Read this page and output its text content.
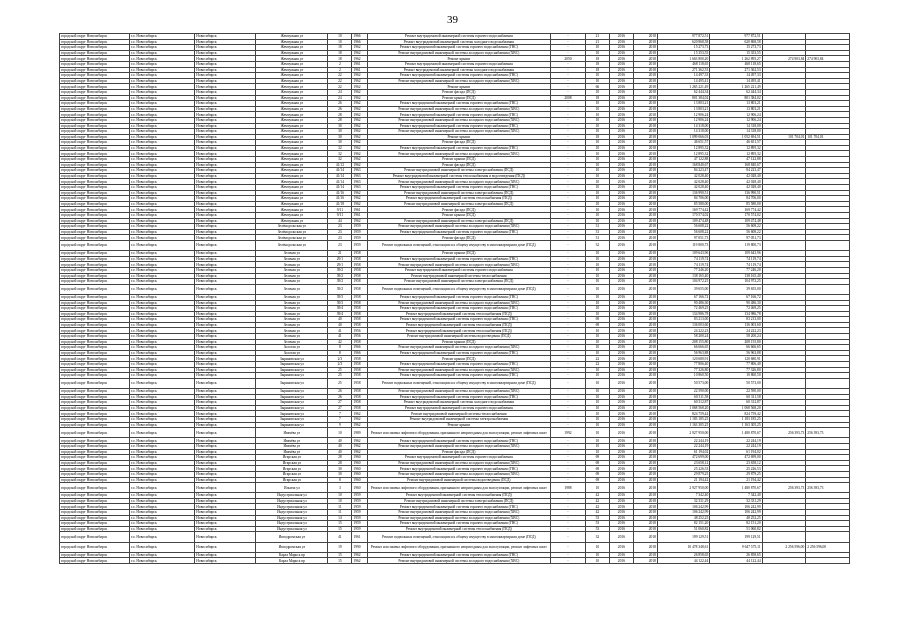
39
городской округ Новосибирск	г.о. Новосибирск	Новосибирск	Жемчужная ул	10	1966	Ремонт внутридомовой инженерной системы горячего водоснабжения	-	21	2016	2018	977 872,51	977 872,51		
городской округ Новосибирск	г.о. Новосибирск	Новосибирск	Жемчужная ул	10	1966	Ремонт внутридомовой инженерной системы холодного водоснабжения	-	21	2016	2018	620 868,58	620 868,58		
городской округ Новосибирск	г.о. Новосибирск	Новосибирск	Жемчужная ул	18	1962	Ремонт внутридомовой инженерной системы горячего водоснабжения (ГВС)	-	10	2016	2018	15 273,73	15 273,73		
городской округ Новосибирск	г.о. Новосибирск	Новосибирск	Жемчужная ул	18	1962	Ремонт внутридомовой инженерной системы холодного водоснабжения (ХВС)	-	10	2016	2018	15 353,55	15 353,55		
городской округ Новосибирск	г.о. Новосибирск	Новосибирск	Жемчужная ул	18	1962	Ремонт крыши	2050	18	2016	2018	1 663 800,20	1 262 895,27	274 903,84	274 903,84
городской округ Новосибирск	г.о. Новосибирск	Новосибирск	Жемчужная ул	2	1961	Ремонт внутридомовой инженерной системы горячего водоснабжения	-	18	2016	2018	468 118,65	468 118,65		
городской округ Новосибирск	г.о. Новосибирск	Новосибирск	Жемчужная ул	2	1961	Ремонт внутридомовой инженерной системы холодного водоснабжения	-	18	2016	2018	271 362,53	271 362,53		
городской округ Новосибирск	г.о. Новосибирск	Новосибирск	Жемчужная ул	22	1962	Ремонт внутридомовой инженерной системы горячего водоснабжения (ГВС)	-	10	2016	2018	14 497,33	14 497,33		
городской округ Новосибирск	г.о. Новосибирск	Новосибирск	Жемчужная ул	22	1962	Ремонт внутридомовой инженерной системы холодного водоснабжения (ХВС)	-	10	2016	2018	14 495,41	14 495,41		
городской округ Новосибирск	г.о. Новосибирск	Новосибирск	Жемчужная ул	22	1962	Ремонт крыши	-	66	2016	2018	1 265 221,49	1 265 221,49		
городской округ Новосибирск	г.о. Новосибирск	Новосибирск	Жемчужная ул	24	1962	Ремонт фасада (ПСД)	-	10	2016	2018	62 444,34	62 444,34		
городской округ Новосибирск	г.о. Новосибирск	Новосибирск	Жемчужная ул	24	1962	Ремонт крыши (ПСД)	2008	18	2016	2018	801 384,02	801 384,02		
городской округ Новосибирск	г.о. Новосибирск	Новосибирск	Жемчужная ул	26	1962	Ремонт внутридомовой инженерной системы горячего водоснабжения (ГВС)	-	10	2016	2018	13 803,21	13 803,21		
городской округ Новосибирск	г.о. Новосибирск	Новосибирск	Жемчужная ул	26	1962	Ремонт внутридомовой инженерной системы холодного водоснабжения (ХВС)	-	10	2016	2018	13 803,21	13 803,21		
городской округ Новосибирск	г.о. Новосибирск	Новосибирск	Жемчужная ул	28	1962	Ремонт внутридомовой инженерной системы горячего водоснабжения (ГВС)	-	10	2016	2018	12 906,24	12 906,24		
городской округ Новосибирск	г.о. Новосибирск	Новосибирск	Жемчужная ул	28	1962	Ремонт внутридомовой инженерной системы холодного водоснабжения (ХВС)	-	10	2016	2018	12 906,24	12 906,24		
городской округ Новосибирск	г.о. Новосибирск	Новосибирск	Жемчужная ул	30	1962	Ремонт внутридомовой инженерной системы горячего водоснабжения (ГВС)	-	10	2016	2018	14 318,00	14 318,00		
городской округ Новосибирск	г.о. Новосибирск	Новосибирск	Жемчужная ул	30	1962	Ремонт внутридомовой инженерной системы холодного водоснабжения (ХВС)	-	10	2016	2018	14 318,00	14 318,00		
городской округ Новосибирск	г.о. Новосибирск	Новосибирск	Жемчужная ул	30	1962	Ремонт крыши	-	18	2016	2018	1 099 066,03	1 052 694,51	101 704,01	101 704,01
городской округ Новосибирск	г.о. Новосибирск	Новосибирск	Жемчужная ул	30	1962	Ремонт фасада (ПСД)	-	10	2016	2018	46 651,57	46 651,57		
городской округ Новосибирск	г.о. Новосибирск	Новосибирск	Жемчужная ул	32	1962	Ремонт внутридомовой инженерной системы горячего водоснабжения (ГВС)	-	10	2016	2018	12 895,32	12 895,32		
городской округ Новосибирск	г.о. Новосибирск	Новосибирск	Жемчужная ул	32	1962	Ремонт внутридомовой инженерной системы холодного водоснабжения (ХВС)	-	10	2016	2018	12 895,32	12 895,32		
городской округ Новосибирск	г.о. Новосибирск	Новосибирск	Жемчужная ул	32	1962	Ремонт крыши (ПСД)	-	10	2016	2018	47 122,88	47 122,88		
городской округ Новосибирск	г.о. Новосибирск	Новосибирск	Жемчужная ул	41/12	1962	Ремонт фасада (ПСД)	-	10	2016	2018	168 840,67	168 840,67		
городской округ Новосибирск	г.о. Новосибирск	Новосибирск	Жемчужная ул	41/14	1963	Ремонт внутридомовой инженерной системы электроснабжения (ПСД)	-	10	2016	2018	84 223,47	84 223,47		
городской округ Новосибирск	г.о. Новосибирск	Новосибирск	Жемчужная ул	41/14	1963	Ремонт внутридомовой инженерной системы теплоснабжения и водоотведения (ПСД)	-	10	2016	2018	42 028,40	42 028,40		
городской округ Новосибирск	г.о. Новосибирск	Новосибирск	Жемчужная ул	41/14	1963	Ремонт внутридомовой инженерной системы холодного водоснабжения (ХВС)	-	10	2016	2018	42 028,40	42 028,40		
городской округ Новосибирск	г.о. Новосибирск	Новосибирск	Жемчужная ул	41/14	1963	Ремонт внутридомовой инженерной системы горячего водоснабжения (ГВС)	-	10	2016	2018	42 028,40	42 028,40		
городской округ Новосибирск	г.о. Новосибирск	Новосибирск	Жемчужная ул	41/16	1962	Ремонт внутридомовой инженерной системы электроснабжения (ПСД)	-	10	2016	2018	136 990,51	136 990,51		
городской округ Новосибирск	г.о. Новосибирск	Новосибирск	Жемчужная ул	41/16	1962	Ремонт внутридомовой инженерной системы теплоснабжения (ПСД)	-	10	2016	2018	84 706,00	84 706,00		
городской округ Новосибирск	г.о. Новосибирск	Новосибирск	Жемчужная ул	41/18	1962	Ремонт внутридомовой инженерной системы электроснабжения (ПСД)	-	10	2016	2018	85 580,00	85 580,00		
городской округ Новосибирск	г.о. Новосибирск	Новосибирск	Жемчужная ул	9/11	1961	Ремонт фасада (ПСД)	-	10	2016	2018	169 774,42	169 774,42		
городской округ Новосибирск	г.о. Новосибирск	Новосибирск	Жемчужная ул	9/11	1961	Ремонт крыши (ПСД)	-	10	2016	2018	170 574,02	170 574,02		
городской округ Новосибирск	г.о. Новосибирск	Новосибирск	Жемчужная ул	44	1962	Ремонт внутридомовой инженерной системы электроснабжения (ПСД)	-	10	2016	2018	109 474,48	109 474,48		
городской округ Новосибирск	г.о. Новосибирск	Новосибирск	Зелёнодольская ул	23	1959	Ремонт внутридомовой инженерной системы холодного водоснабжения (ХВС)	-	31	2016	2018	56 608,22	56 608,22		
городской округ Новосибирск	г.о. Новосибирск	Новосибирск	Зелёнодольская ул	23	1959	Ремонт внутридомовой инженерной системы горячего водоснабжения (ГВС)	-	31	2016	2018	56 608,22	56 608,22		
городской округ Новосибирск	г.о. Новосибирск	Новосибирск	Зелёнодольская ул	23	1959	Ремонт фасада (ПСД)	-	31	2016	2018	97 051,73	97 051,73		
городской округ Новосибирск	г.о. Новосибирск	Новосибирск	Зелёнодольская ул	23	1959	Ремонт подвальных помещений, относящихся к общему имуществу в многоквартирном доме (ПСД)	-	32	2016	2018	119 800,73	119 800,73		
городской округ Новосибирск	г.о. Новосибирск	Новосибирск	Зеленая ул	21	1958	Ремонт крыши (ПСД)	-	10	2016	2018	109 643,96	109 643,96		
городской округ Новосибирск	г.о. Новосибирск	Новосибирск	Зеленая ул	29/1	1958	Ремонт внутридомовой инженерной системы горячего водоснабжения (ГВС)	-	10	2016	2018	74 119,74	74 119,74		
городской округ Новосибирск	г.о. Новосибирск	Новосибирск	Зеленая ул	29/1	1958	Ремонт внутридомовой инженерной системы холодного водоснабжения (ХВС)	-	10	2016	2018	74 119,74	74 119,74		
городской округ Новосибирск	г.о. Новосибирск	Новосибирск	Зеленая ул	39/2	1958	Ремонт внутридомовой инженерной системы горячего водоснабжения	-	10	2016	2018	77 246,20	77 246,20		
городской округ Новосибирск	г.о. Новосибирск	Новосибирск	Зеленая ул	39/2	1958	Ремонт внутридомовой инженерной системы теплоснабжения	-	10	2016	2018	138 165,40	138 165,40		
городской округ Новосибирск	г.о. Новосибирск	Новосибирск	Зеленая ул	39/2	1958	Ремонт внутридомовой инженерной системы электроснабжения (ПСД)	-	10	2016	2018	104 972,25	104 972,25		
городской округ Новосибирск	г.о. Новосибирск	Новосибирск	Зеленая ул	39/2	1958	Ремонт подвальных помещений, относящихся к общему имуществу в многоквартирном доме (ПСД)	-	10	2016	2018	39 655,00	39 655,00		
городской округ Новосибирск	г.о. Новосибирск	Новосибирск	Зеленая ул	39/3	1958	Ремонт внутридомовой инженерной системы горячего водоснабжения (ГВС)	-	10	2016	2018	67 166,72	67 166,72		
городской округ Новосибирск	г.о. Новосибирск	Новосибирск	Зеленая ул	39/3	1958	Ремонт внутридомовой инженерной системы холодного водоснабжения (ХВС)	-	10	2016	2018	90 486,30	90 486,30		
городской округ Новосибирск	г.о. Новосибирск	Новосибирск	Зеленая ул	39/4	1958	Ремонт внутридомовой инженерной системы горячего водоснабжения (ГВС)	-	10	2016	2018	72 469,25	72 469,25		
городской округ Новосибирск	г.о. Новосибирск	Новосибирск	Зеленая ул	39/4	1958	Ремонт внутридомовой инженерной системы теплоснабжения (ПСД)	-	10	2016	2018	134 986,78	134 986,78		
городской округ Новосибирск	г.о. Новосибирск	Новосибирск	Зеленая ул	40	1958	Ремонт внутридомовой инженерной системы горячего водоснабжения (ГВС)	-	69	2016	2018	83 213,00	83 213,00		
городской округ Новосибирск	г.о. Новосибирск	Новосибирск	Зеленая ул	40	1958	Ремонт внутридомовой инженерной системы теплоснабжения (ПСД)	-	69	2016	2018	136 003,60	136 003,60		
городской округ Новосибирск	г.о. Новосибирск	Новосибирск	Зеленая ул	41	1956	Ремонт внутридомовой инженерной системы теплоснабжения (ПСД)	-	10	2016	2018	24 222,23	24 222,23		
городской округ Новосибирск	г.о. Новосибирск	Новосибирск	Зеленая ул	41	1956	Ремонт внутридомовой инженерной системы водоотведения (ПСД)	-	10	2016	2018	58 200,24	58 200,24		
городской округ Новосибирск	г.о. Новосибирск	Новосибирск	Зеленая ул	42	1958	Ремонт крыши (ПСД)	-	10	2016	2018	208 155,80	208 155,80		
городской округ Новосибирск	г.о. Новосибирск	Новосибирск	Золотая ул	8	1966	Ремонт внутридомовой инженерной системы холодного водоснабжения (ХВС)	-	10	2016	2018	66 666,65	66 666,65		
городской округ Новосибирск	г.о. Новосибирск	Новосибирск	Золотая ул	8	1966	Ремонт внутридомовой инженерной системы горячего водоснабжения (ГВС)	-	10	2016	2018	56 963,88	56 963,88		
городской округ Новосибирск	г.о. Новосибирск	Новосибирск	Зыряновская ул	2/3	1958	Ремонт крыши (ПСД)	-	22	2016	2018	120 680,91	120 680,91		
городской округ Новосибирск	г.о. Новосибирск	Новосибирск	Зыряновская ул	2/3	1958	Ремонт внутридомовой инженерной системы горячего водоснабжения (ГВС)	-	22	2016	2018	77 806,40	77 806,40		
городской округ Новосибирск	г.о. Новосибирск	Новосибирск	Зыряновская ул	25	1958	Ремонт внутридомовой инженерной системы холодного водоснабжения (ХВС)	-	10	2016	2018	77 326,80	77 326,80		
городской округ Новосибирск	г.о. Новосибирск	Новосибирск	Зыряновская ул	25	1958	Ремонт внутридомовой инженерной системы горячего водоснабжения (ГВС)	-	10	2016	2018	10 860,50	10 860,50		
городской округ Новосибирск	г.о. Новосибирск	Новосибирск	Зыряновская ул	25	1958	Ремонт подвальных помещений, относящихся к общему имуществу в многоквартирном доме (ПСД)	-	10	2016	2018	50 573,00	50 573,00		
городской округ Новосибирск	г.о. Новосибирск	Новосибирск	Зыряновская ул	26	1958	Ремонт внутридомовой инженерной системы холодного водоснабжения (ХВС)	-	10	2016	2018	22 590,00	22 590,00		
городской округ Новосибирск	г.о. Новосибирск	Новосибирск	Зыряновская ул	26	1958	Ремонт внутридомовой инженерной системы горячего водоснабжения (ГВС)	-	10	2016	2018	60 311,58	60 311,58		
городской округ Новосибирск	г.о. Новосибирск	Новосибирск	Зыряновская ул	27	1958	Ремонт внутридомовой инженерной системы холодного водоснабжения	-	10	2016	2018	60 312,87	60 312,87		
городской округ Новосибирск	г.о. Новосибирск	Новосибирск	Зыряновская ул	27	1958	Ремонт внутридомовой инженерной системы горячего водоснабжения	-	10	2016	2018	1 068 568,20	1 068 568,20		
городской округ Новосибирск	г.о. Новосибирск	Новосибирск	Зыряновская ул	7	1962	Ремонт внутридомовой инженерной системы теплоснабжения	-	10	2016	2018	824 759,42	824 759,42		
городской округ Новосибирск	г.о. Новосибирск	Новосибирск	Зыряновская ул	7	1962	Ремонт внутридомовой инженерной системы электроснабжения	-	10	2016	2018	1 183 185,25	1 183 185,25		
городской округ Новосибирск	г.о. Новосибирск	Новосибирск	Зыряновская ул	9	1962	Ремонт крыши	-	10	2016	2018	1 163 305,25	1 163 305,25		
городской округ Новосибирск	г.о. Новосибирск	Новосибирск	Ивачёва ул	10	1989	Ремонт или замена лифтового оборудования, признанного непригодным для эксплуатации, ремонт лифтовых шахт	1992	10	2016	2018	2 927 950,00	1 480 870,67	256 393,73	256 393,73
городской округ Новосибирск	г.о. Новосибирск	Новосибирск	Ивачёва ул	40	1962	Ремонт внутридомовой инженерной системы горячего водоснабжения (ГВС)	-	10	2016	2018	22 244,19	22 244,19		
городской округ Новосибирск	г.о. Новосибирск	Новосибирск	Ивачёва ул	40	1962	Ремонт внутридомовой инженерной системы холодного водоснабжения (ХВС)	-	10	2016	2018	22 244,19	22 244,19		
городской округ Новосибирск	г.о. Новосибирск	Новосибирск	Ивачёва ул	40	1962	Ремонт фасада (ПСД)	-	10	2016	2018	61 194,02	61 194,02		
городской округ Новосибирск	г.о. Новосибирск	Новосибирск	Игарская ул	28	1960	Ремонт внутридомовой инженерной системы горячего водоснабжения	-	69	2016	2018	472 699,00	472 699,00		
городской округ Новосибирск	г.о. Новосибирск	Новосибирск	Игарская ул	28	1960	Ремонт внутридомовой инженерной системы холодного водоснабжения (ХВС)	-	69	2016	2018	23 658,12	23 658,12		
городской округ Новосибирск	г.о. Новосибирск	Новосибирск	Игарская ул	30	1960	Ремонт внутридомовой инженерной системы горячего водоснабжения (ГВС)	-	69	2016	2018	25 226,53	25 226,53		
городской округ Новосибирск	г.о. Новосибирск	Новосибирск	Игарская ул	30	1960	Ремонт внутридомовой инженерной системы холодного водоснабжения (ХВС)	-	69	2016	2018	29 879,25	29 879,25		
городской округ Новосибирск	г.о. Новосибирск	Новосибирск	Игарская ул	8	1960	Ремонт внутридомовой инженерной системы водоотведения (ПСД)	-	69	2016	2018	21 194,42	21 194,42		
городской округ Новосибирск	г.о. Новосибирск	Новосибирск	Ильича ул	3	1960	Ремонт или замена лифтового оборудования, признанного непригодным для эксплуатации, ремонт лифтовых шахт	1988	10	2016	2018	2 927 950,00	1 480 870,67	256 393,73	256 393,73
городской округ Новосибирск	г.о. Новосибирск	Новосибирск	Индустриальная ул	10	1959	Ремонт внутридомовой инженерной системы теплоснабжения (ПСД)	-	42	2016	2018	7 342,40	7 342,40		
городской округ Новосибирск	г.о. Новосибирск	Новосибирск	Индустриальная ул	10	1959	Ремонт внутридомовой инженерной системы электроснабжения (ПСД)	-	42	2016	2018	32 331,29	32 331,29		
городской округ Новосибирск	г.о. Новосибирск	Новосибирск	Индустриальная ул	11	1959	Ремонт внутридомовой инженерной системы горячего водоснабжения (ГВС)	-	42	2016	2018	106 242,99	106 242,99		
городской округ Новосибирск	г.о. Новосибирск	Новосибирск	Индустриальная ул	11	1959	Ремонт внутридомовой инженерной системы холодного водоснабжения (ХВС)	-	42	2016	2018	106 242,99	106 242,99		
городской округ Новосибирск	г.о. Новосибирск	Новосибирск	Индустриальная ул	14	1959	Ремонт внутридомовой инженерной системы холодного водоснабжения (ХВС)	-	53	2016	2018	48 252,25	48 252,25		
городской округ Новосибирск	г.о. Новосибирск	Новосибирск	Индустриальная ул	15	1959	Ремонт внутридомовой инженерной системы горячего водоснабжения (ГВС)	-	53	2016	2018	82 151,20	82 151,20		
городской округ Новосибирск	г.о. Новосибирск	Новосибирск	Индустриальная ул	15	1959	Ремонт внутридомовой инженерной системы теплоснабжения (ПСД)	-	53	2016	2018	51 060,82	51 060,82		
городской округ Новосибирск	г.о. Новосибирск	Новосибирск	Ипподромская ул	41	1961	Ремонт подвальных помещений, относящихся к общему имуществу в многоквартирном доме (ПСД)	-	32	2016	2018	199 129,51	199 129,51		
городской округ Новосибирск	г.о. Новосибирск	Новосибирск	Ипподромская ул	19	1990	Ремонт или замена лифтового оборудования, признанного непригодным для эксплуатации, ремонт лифтовых шахт	-	10	2016	2018	10 478 348,61	9 647 575,11	2 256 596,00	2 256 596,00
городской округ Новосибирск	г.о. Новосибирск	Новосибирск	Карла Маркса пр	15	1962	Ремонт внутридомовой инженерной системы горячего водоснабжения (ГВС)	-	10	2016	2018	26 858,65	26 858,65		
городской округ Новосибирск	г.о. Новосибирск	Новосибирск	Карла Маркса пр	15	1962	Ремонт внутридомовой инженерной системы холодного водоснабжения (ХВС)	-	10	2016	2018	44 122,44	44 122,44		
